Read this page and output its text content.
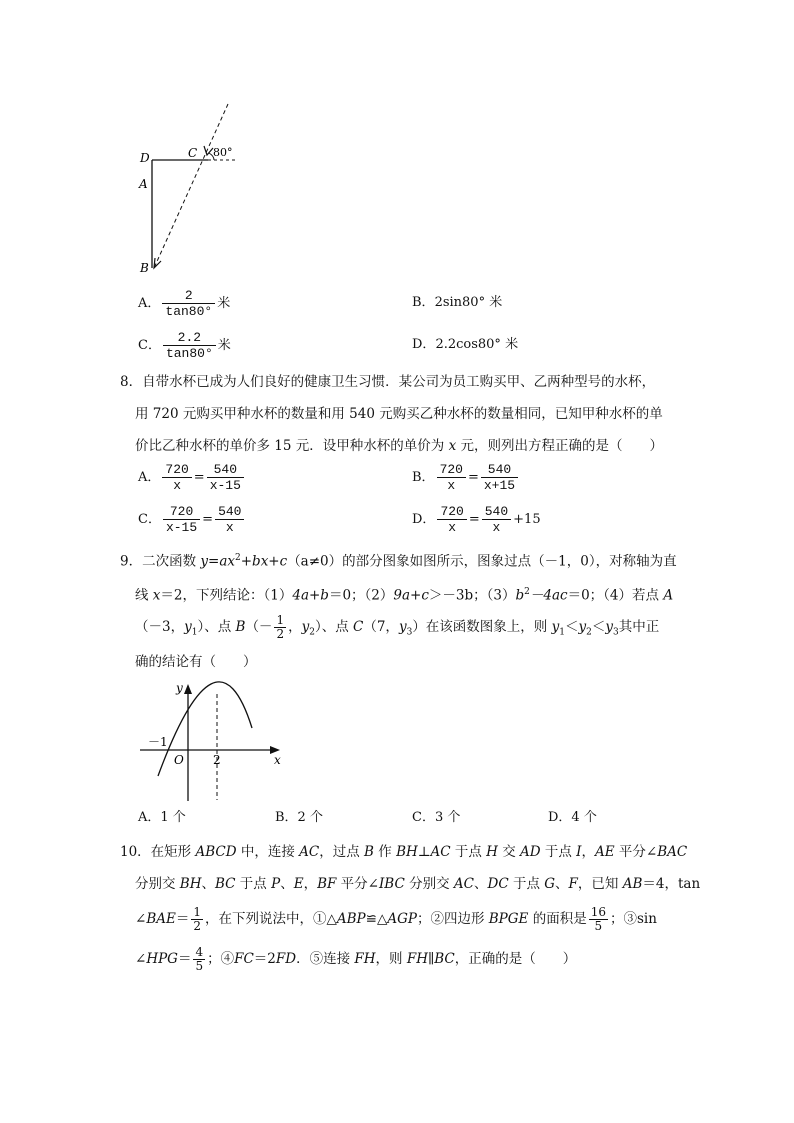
D	C
A
B
80°
A． $\frac{2}{\tan 80^\circ}$ 米	B．2sin80° 米
C． $\frac{2.2}{\tan 80^\circ}$ 米	D．2.2cos80° 米
8．自带水杯已成为人们良好的健康卫生习惯．某公司为员工购买甲、乙两种型号的水杯，
用 720 元购买甲种水杯的数量和用 540 元购买乙种水杯的数量相同，已知甲种水杯的单
价比乙种水杯的单价多 15 元．设甲种水杯的单价为 x 元，则列出方程正确的是（　　）
A． $\frac{720}{x} = \frac{540}{x-15}$	B． $\frac{720}{x} = \frac{540}{x+15}$
C． $\frac{720}{x-15} = \frac{540}{x}$	D． $\frac{720}{x} = \frac{540}{x} +15$
9．二次函数 $y=ax^2+bx+c(a\ne 0)$的部分图象如图所示，图象过点（－1，0），对称轴为直
线 x＝2，下列结论：（1）4a+b＝0；（2）9a+c＞－3b；$(3)b^2-4ac=0$；（4）若点 A
（－3，$y_1$）、点 $B(- \frac{1}{2}$ ，$y_2$）、点 C（7，$y_3$）在该函数图象上，则 $y_1<y_2<y_3$其中正
确的结论有（　　）
y
x
O
－1
2
A．1 个	B．2 个	C．3 个	D．4 个
10．在矩形 ABCD 中，连接 AC，过点 B 作 BH⊥AC 于点 H 交 AD 于点 I，AE 平分∠BAC
分别交 BH、BC 于点 P、E，BF 平分∠IBC 分别交 AC、DC 于点 G、F，已知 AB＝4，tan
∠BAE＝ $\frac{1}{2}$ ，在下列说法中，①△ABP≌△AGP；②四边形 BPGE 的面积是 $\frac{16}{5}$ ；③sin
∠HPG＝ $\frac{4}{5}$ ；④FC＝2FD．⑤连接 FH，则 FH∥BC，正确的是（　　）
